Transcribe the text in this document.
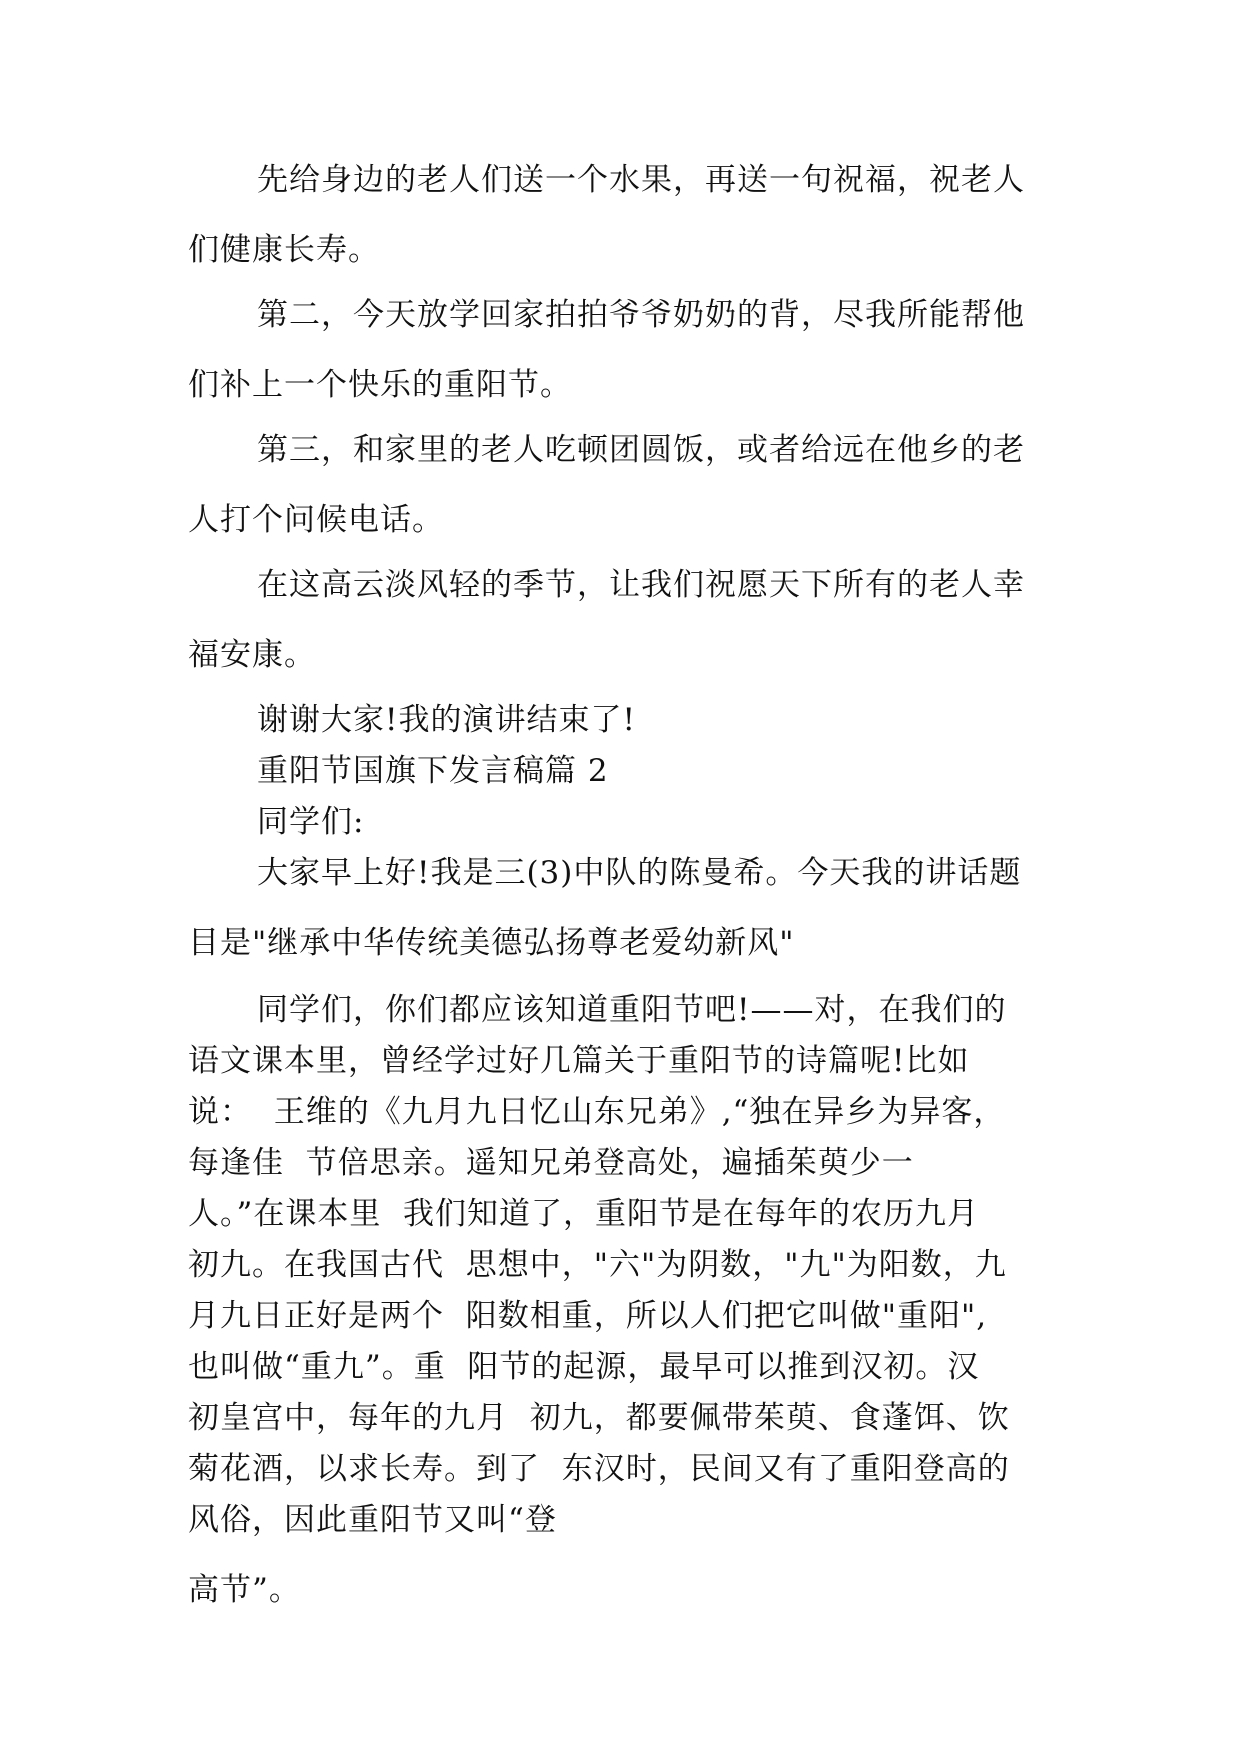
先给身边的老人们送一个水果，再送一句祝福，祝老人
们健康长寿。
第二，今天放学回家拍拍爷爷奶奶的背，尽我所能帮他
们补上一个快乐的重阳节。
第三，和家里的老人吃顿团圆饭，或者给远在他乡的老
人打个问候电话。
在这高云淡风轻的季节，让我们祝愿天下所有的老人幸
福安康。
谢谢大家!我的演讲结束了!
重阳节国旗下发言稿篇 2
同学们:
大家早上好!我是三(3)中队的陈曼希。今天我的讲话题
目是"继承中华传统美德弘扬尊老爱幼新风"
同学们，你们都应该知道重阳节吧!——对，在我们的
语文课本里，曾经学过好几篇关于重阳节的诗篇呢!比如
说：  王维的《九月九日忆山东兄弟》,“独在异乡为异客，
每逢佳  节倍思亲。遥知兄弟登高处，遍插茱萸少一
人。”在课本里  我们知道了，重阳节是在每年的农历九月
初九。在我国古代  思想中，"六"为阴数，"九"为阳数，九
月九日正好是两个  阳数相重，所以人们把它叫做"重阳",
也叫做“重九”。重  阳节的起源，最早可以推到汉初。汉
初皇宫中，每年的九月  初九，都要佩带茱萸、食蓬饵、饮
菊花酒，以求长寿。到了  东汉时，民间又有了重阳登高的
风俗，因此重阳节又叫“登
高节”。
